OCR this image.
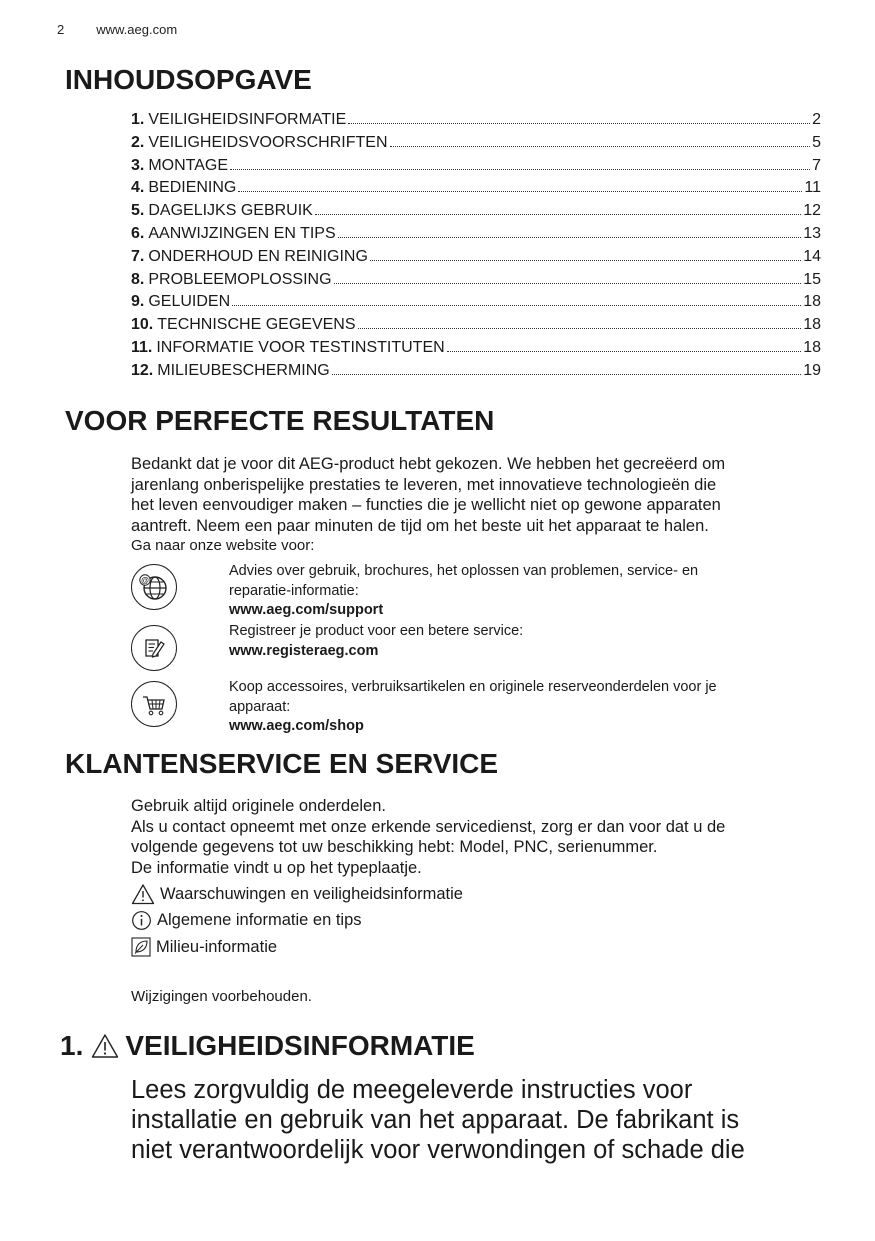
2 www.aeg.com
INHOUDSOPGAVE
1. VEILIGHEIDSINFORMATIE	2
2. VEILIGHEIDSVOORSCHRIFTEN	5
3. MONTAGE	7
4. BEDIENING	11
5. DAGELIJKS GEBRUIK	12
6. AANWIJZINGEN EN TIPS	13
7. ONDERHOUD EN REINIGING	14
8. PROBLEEMOPLOSSING	15
9. GELUIDEN	18
10. TECHNISCHE GEGEVENS	18
11. INFORMATIE VOOR TESTINSTITUTEN	18
12. MILIEUBESCHERMING	19
VOOR PERFECTE RESULTATEN

Bedankt dat je voor dit AEG-product hebt gekozen. We hebben het gecreëerd om

jarenlang onberispelijke prestaties te leveren, met innovatieve technologieën die

het leven eenvoudiger maken – functies die je wellicht niet op gewone apparaten

aantreft. Neem een paar minuten de tijd om het beste uit het apparaat te halen.

Ga naar onze website voor:

@
Advies over gebruik, brochures, het oplossen van problemen, service- en
reparatie-informatie:
www.aeg.com/support
Registreer je product voor een betere service:
www.registeraeg.com
Koop accessoires, verbruiksartikelen en originele reserveonderdelen voor je
apparaat:
www.aeg.com/shop
KLANTENSERVICE EN SERVICE

Gebruik altijd originele onderdelen.

Als u contact opneemt met onze erkende servicedienst, zorg er dan voor dat u de

volgende gegevens tot uw beschikking hebt: Model, PNC, serienummer.

De informatie vindt u op het typeplaatje.

Waarschuwingen en veiligheidsinformatie
Algemene informatie en tips
Milieu-informatie
Wijzigingen voorbehouden.
1. VEILIGHEIDSINFORMATIE
Lees zorgvuldig de meegeleverde instructies voor
installatie en gebruik van het apparaat. De fabrikant is
niet verantwoordelijk voor verwondingen of schade die
